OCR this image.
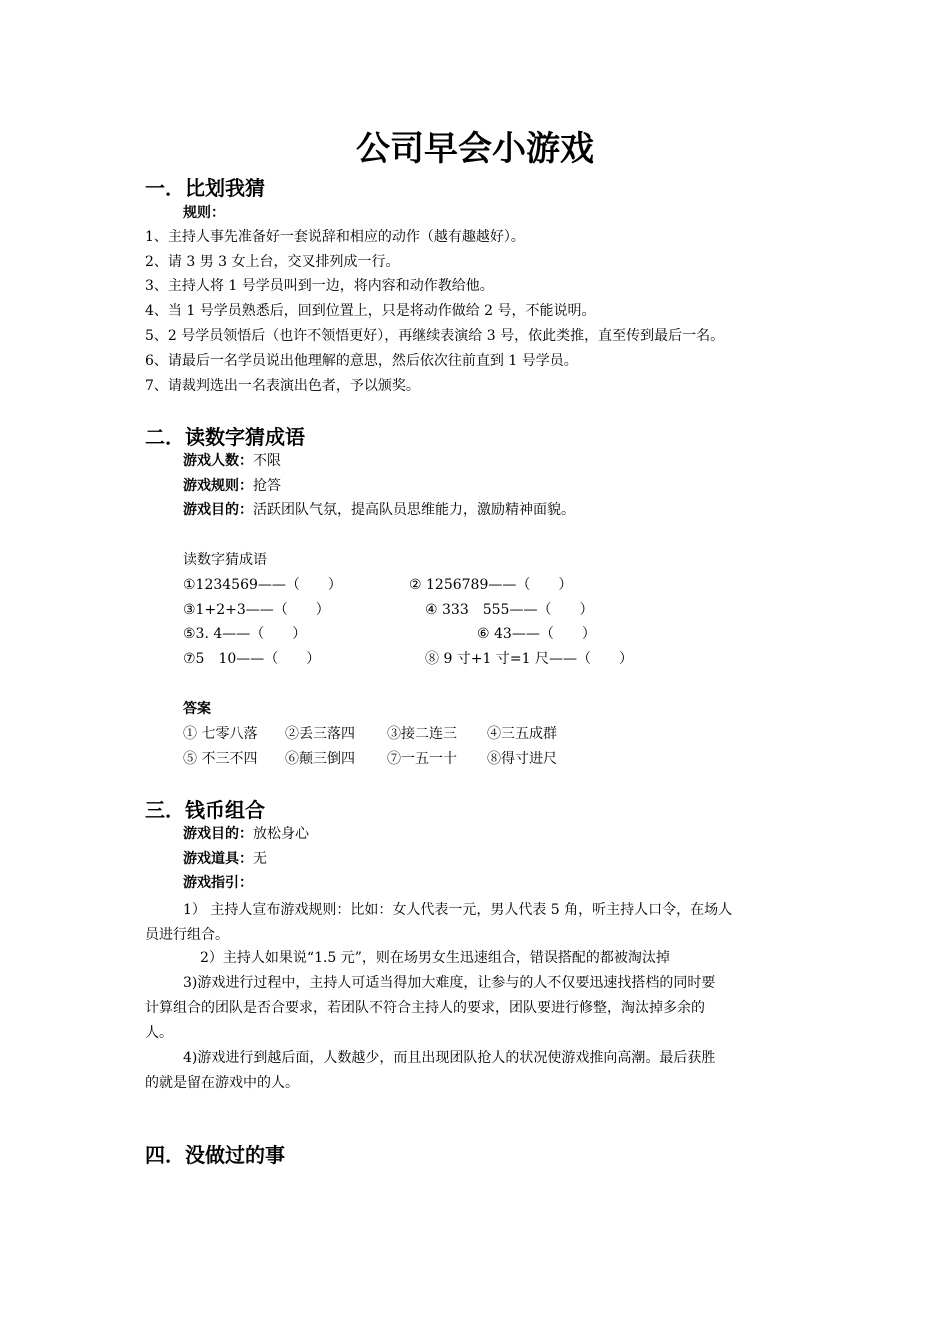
公司早会小游戏
一．比划我猜
规则：
1、主持人事先准备好一套说辞和相应的动作（越有趣越好）。
2、请 3 男 3 女上台，交叉排列成一行。
3、主持人将 1 号学员叫到一边，将内容和动作教给他。
4、当 1 号学员熟悉后，回到位置上，只是将动作做给 2 号，不能说明。
5、2 号学员领悟后（也许不领悟更好），再继续表演给 3 号，依此类推，直至传到最后一名。
6、请最后一名学员说出他理解的意思，然后依次往前直到 1 号学员。
7、请裁判选出一名表演出色者，予以颁奖。
二．读数字猜成语
游戏人数：不限
游戏规则：抢答
游戏目的：活跃团队气氛，提高队员思维能力，激励精神面貌。
读数字猜成语
①1234569——（　　）	② 1256789——（　　）
③1+2+3——（　　）	④ 333　555——（　　）
⑤3. 4——（　　）	⑥ 43——（　　）
⑦5　10——（　　）	⑧ 9 寸+1 寸=1 尺——（　　）
答案
① 七零八落 ②丢三落四 ③接二连三 ④三五成群
⑤ 不三不四 ⑥颠三倒四 ⑦一五一十 ⑧得寸进尺
三．钱币组合
游戏目的：放松身心
游戏道具：无
游戏指引：
1） 主持人宣布游戏规则：比如：女人代表一元，男人代表 5 角，听主持人口令，在场人
员进行组合。
2）主持人如果说“1.5 元”，则在场男女生迅速组合，错误搭配的都被淘汰掉
3)游戏进行过程中，主持人可适当得加大难度，让参与的人不仅要迅速找搭档的同时要
计算组合的团队是否合要求，若团队不符合主持人的要求，团队要进行修整，淘汰掉多余的
人。
4)游戏进行到越后面，人数越少，而且出现团队抢人的状况使游戏推向高潮。最后获胜
的就是留在游戏中的人。
四．没做过的事
